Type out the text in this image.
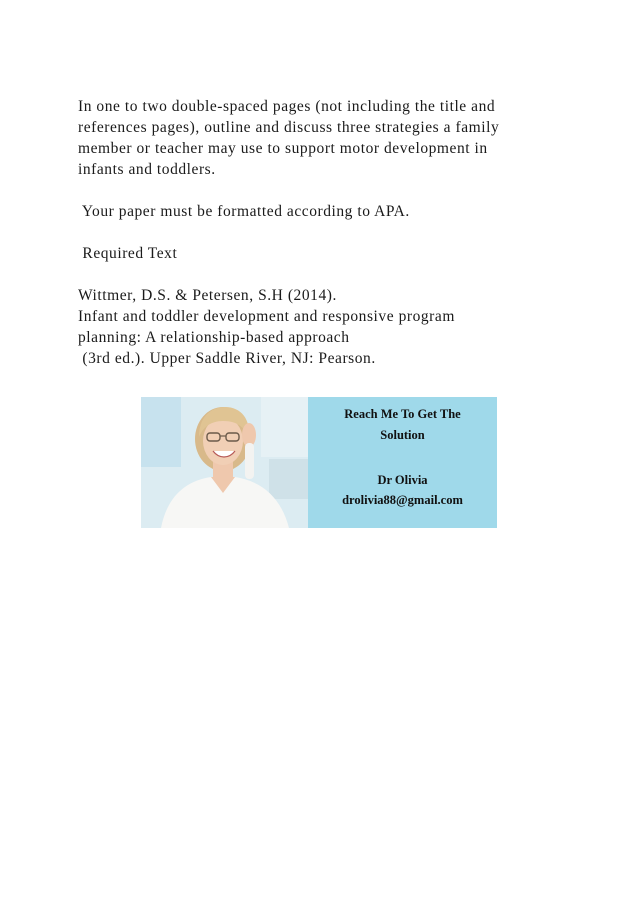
In one to two double-spaced pages (not including the title and
references pages), outline and discuss three strategies a family
member or teacher may use to support motor development in
infants and toddlers.
Your paper must be formatted according to APA.
Required Text
Wittmer, D.S. & Petersen, S.H (2014).
Infant and toddler development and responsive program
planning: A relationship-based approach
(3rd ed.). Upper Saddle River, NJ: Pearson.
Reach Me To Get The
Solution
Dr Olivia
drolivia88@gmail.com
